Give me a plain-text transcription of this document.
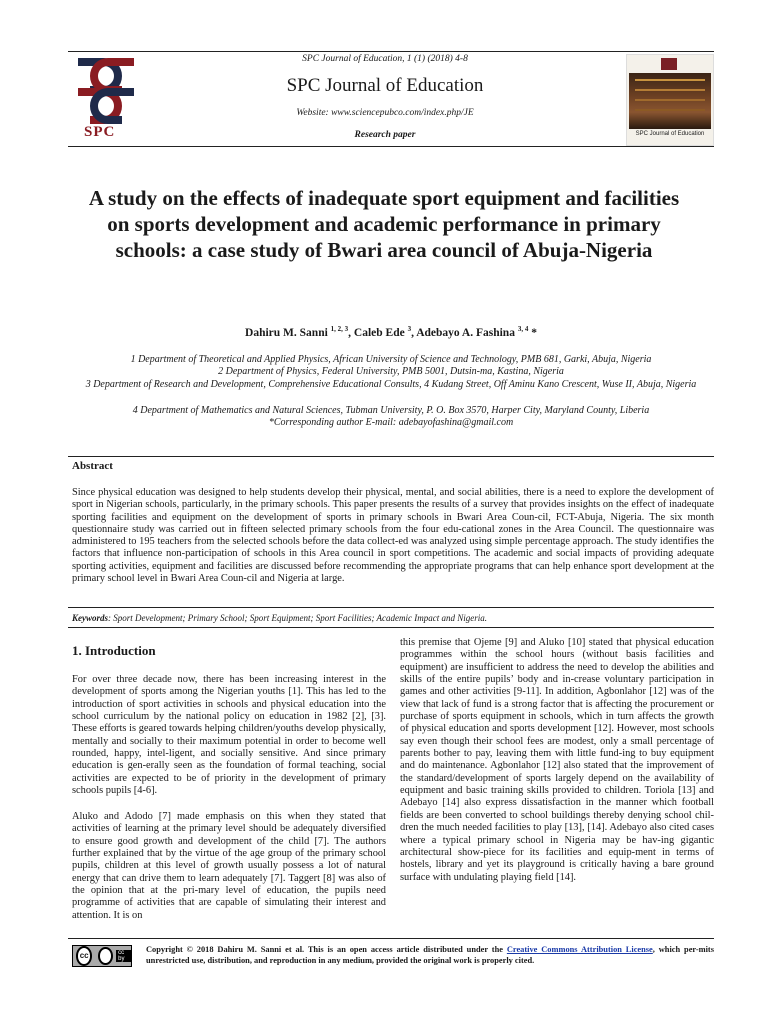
SPC
SPC Journal of Education, 1 (1) (2018) 4-8
SPC Journal of Education
Website: www.sciencepubco.com/index.php/JE
Research paper	SPC Journal of Education
A study on the effects of inadequate sport equipment and facilities on sports development and academic performance in primary schools: a case study of Bwari area council of Abuja-Nigeria
Dahiru M. Sanni $^{1, 2, 3}$, Caleb Ede $^3$, Adebayo A. Fashina $^{3, 4}$ *
1 Department of Theoretical and Applied Physics, African University of Science and Technology, PMB 681, Garki, Abuja, Nigeria
2 Department of Physics, Federal University, PMB 5001, Dutsin-ma, Kastina, Nigeria
3 Department of Research and Development, Comprehensive Educational Consults, 4 Kudang Street, Off Aminu Kano Crescent, Wuse II, Abuja, Nigeria
4 Department of Mathematics and Natural Sciences, Tubman University, P. O. Box 3570, Harper City, Maryland County, Liberia
*Corresponding author E-mail: adebayofashina@gmail.com
Abstract
Since physical education was designed to help students develop their physical, mental, and social abilities, there is a need to explore the development of sport in Nigerian schools, particularly, in the primary schools. This paper presents the results of a survey that provides insights on the effect of inadequate sporting facilities and equipment on the development of sports in primary schools in Bwari Area Coun-cil, FCT-Abuja, Nigeria. The six month questionnaire study was carried out in fifteen selected primary schools from the four edu-cational zones in the Area Council. The questionnaire was administered to 195 teachers from the selected schools before the data collect-ed was analyzed using simple percentage approach. The study identifies the factors that influence non-participation of schools in this Area council in sport competitions. The academic and social impacts of providing adequate sporting activities, equipment and facilities are discussed before recommending the appropriate programs that can help enhance sport development at the primary school level in Bwari Area Coun-cil and Nigeria at large.
Keywords: Sport Development; Primary School; Sport Equipment; Sport Facilities; Academic Impact and Nigeria.
1. Introduction
For over three decade now, there has been increasing interest in the development of sports among the Nigerian youths [1]. This has led to the introduction of sport activities in schools and physical education into the school curriculum by the national policy on education in 1982 [2], [3]. These efforts is geared towards helping children/youths develop physically, mentally and socially to their maximum potential in order to become well rounded, happy, intel-ligent, and socially sensitive. And since primary education is gen-erally seen as the foundation of formal teaching, social activities are expected to be of priority in the development of primary schools pupils [4-6].
Aluko and Adodo [7] made emphasis on this when they stated that activities of learning at the primary level should be adequately diversified to ensure good growth and development of the child [7]. The authors further explained that by the virtue of the age group of the primary school pupils, children at this level of growth usually possess a lot of natural energy that can drive them to learn adequately [7]. Taggert [8] was also of the opinion that at the pri-mary level of education, the pupils need programme of activities that are capable of simulating their interest and attention. It is on
this premise that Ojeme [9] and Aluko [10] stated that physical education programmes within the school hours (without basis facilities and equipment) are insufficient to address the need to develop the abilities and skills of the entire pupils’ body and in-crease voluntary participation in games and other activities [9-11]. In addition, Agbonlahor [12] was of the view that lack of fund is a strong factor that is affecting the procurement or purchase of sports equipment in schools, which in turn affects the growth of physical education and sports development [12]. However, most schools say even though their school fees are modest, only a small percentage of parents bother to pay, leaving them with little fund-ing to buy equipment and do maintenance. Agbonlahor [12] also stated that the improvement of the standard/development of sports largely depend on the availability of equipment and basic training skills provided to children. Toriola [13] and Adebayo [14] also express dissatisfaction in the manner which football fields are been converted to school buildings thereby denying school chil-dren the much needed facilities to play [13], [14]. Adebayo also cited cases where a typical primary school in Nigeria may be hav-ing gigantic architectural show-piece for its facilities and equip-ment in terms of hostels, library and yet its playground is critically having a bare ground surface with undulating playing field [14].
cc	cc by
Copyright © 2018 Dahiru M. Sanni et al. This is an open access article distributed under the Creative Commons Attribution License, which per-mits unrestricted use, distribution, and reproduction in any medium, provided the original work is properly cited.
